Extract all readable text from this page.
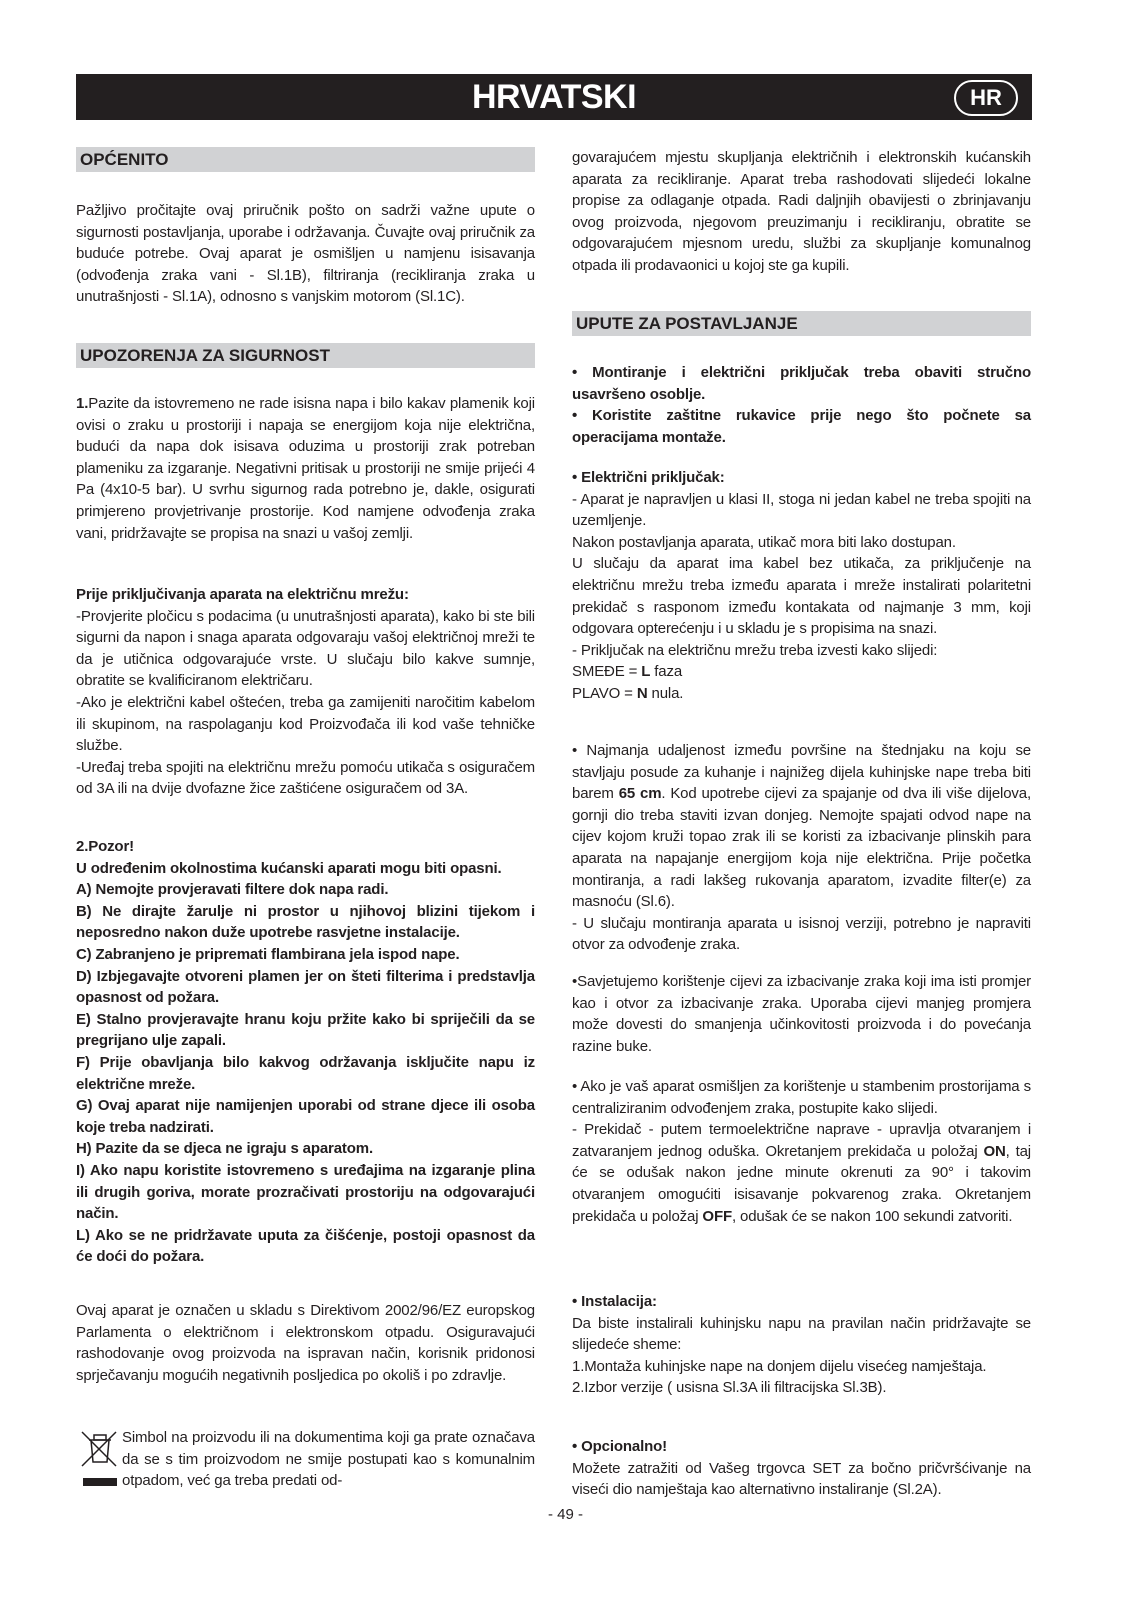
HRVATSKI	HR
OPĆENITO
Pažljivo pročitajte ovaj priručnik pošto on sadrži važne upute o sigurnosti postavljanja, uporabe i održavanja. Čuvajte ovaj priručnik za buduće potrebe. Ovaj aparat je osmišljen u namjenu isisavanja (odvođenja zraka vani - Sl.1B), filtriranja (recikliranja zraka u unutrašnjosti - Sl.1A), odnosno s vanjskim motorom (Sl.1C).
UPOZORENJA ZA SIGURNOST
1.Pazite da istovremeno ne rade isisna napa i bilo kakav plamenik koji ovisi o zraku u prostoriji i napaja se energijom koja nije električna, budući da napa dok isisava oduzima u prostoriji zrak potreban plameniku za izgaranje. Negativni pritisak u prostoriji ne smije prijeći 4 Pa (4x10-5 bar). U svrhu sigurnog rada potrebno je, dakle, osigurati primjereno provjetrivanje prostorije. Kod namjene odvođenja zraka vani, pridržavajte se propisa na snazi u vašoj zemlji.
Prije priključivanja aparata na električnu mrežu:
-Provjerite pločicu s podacima (u unutrašnjosti aparata), kako bi ste bili sigurni da napon i snaga aparata odgovaraju vašoj električnoj mreži te da je utičnica odgovarajuće vrste. U slučaju bilo kakve sumnje, obratite se kvalificiranom električaru.
-Ako je električni kabel oštećen, treba ga zamijeniti naročitim kabelom ili skupinom, na raspolaganju kod Proizvođača ili kod vaše tehničke službe.
-Uređaj treba spojiti na električnu mrežu pomoću utikača s osiguračem od 3A ili na dvije dvofazne žice zaštićene osiguračem od 3A.
2.Pozor!
U određenim okolnostima kućanski aparati mogu biti opasni.
A) Nemojte provjeravati filtere dok napa radi.
B) Ne dirajte žarulje ni prostor u njihovoj blizini tijekom i neposredno nakon duže upotrebe rasvjetne instalacije.
C) Zabranjeno je pripremati flambirana jela ispod nape.
D) Izbjegavajte otvoreni plamen jer on šteti filterima i predstavlja opasnost od požara.
E) Stalno provjeravajte hranu koju pržite kako bi spriječili da se pregrijano ulje zapali.
F) Prije obavljanja bilo kakvog održavanja isključite napu iz električne mreže.
G) Ovaj aparat nije namijenjen uporabi od strane djece ili osoba koje treba nadzirati.
H) Pazite da se djeca ne igraju s aparatom.
I) Ako napu koristite istovremeno s uređajima na izgaranje plina ili drugih goriva, morate prozračivati prostoriju na odgovarajući način.
L) Ako se ne pridržavate uputa za čišćenje, postoji opasnost da će doći do požara.
Ovaj aparat je označen u skladu s Direktivom 2002/96/EZ europskog Parlamenta o električnom i elektronskom otpadu. Osiguravajući rashodovanje ovog proizvoda na ispravan način, korisnik pridonosi sprječavanju mogućih negativnih posljedica po okoliš i po zdravlje.
Simbol na proizvodu ili na dokumentima koji ga prate označava da se s tim proizvodom ne smije postupati kao s komunalnim otpadom, već ga treba predati od-
govarajućem mjestu skupljanja električnih i elektronskih kućanskih aparata za recikliranje. Aparat treba rashodovati slijedeći lokalne propise za odlaganje otpada. Radi daljnjih obavijesti o zbrinjavanju ovog proizvoda, njegovom preuzimanju i recikliranju, obratite se odgovarajućem mjesnom uredu, službi za skupljanje komunalnog otpada ili prodavaonici u kojoj ste ga kupili.
UPUTE ZA POSTAVLJANJE
• Montiranje i električni priključak treba obaviti stručno usavršeno osoblje.
• Koristite zaštitne rukavice prije nego što počnete sa operacijama montaže.
• Električni priključak:
- Aparat je napravljen u klasi II, stoga ni jedan kabel ne treba spojiti na uzemljenje.
Nakon postavljanja aparata, utikač mora biti lako dostupan.
U slučaju da aparat ima kabel bez utikača, za priključenje na električnu mrežu treba između aparata i mreže instalirati polaritetni prekidač s rasponom između kontakata od najmanje 3 mm, koji odgovara opterećenju i u skladu je s propisima na snazi.
- Priključak na električnu mrežu treba izvesti kako slijedi:
SMEĐE = L faza
PLAVO = N nula.
• Najmanja udaljenost između površine na štednjaku na koju se stavljaju posude za kuhanje i najnižeg dijela kuhinjske nape treba biti barem 65 cm. Kod upotrebe cijevi za spajanje od dva ili više dijelova, gornji dio treba staviti izvan donjeg. Nemojte spajati odvod nape na cijev kojom kruži topao zrak ili se koristi za izbacivanje plinskih para aparata na napajanje energijom koja nije električna. Prije početka montiranja, a radi lakšeg rukovanja aparatom, izvadite filter(e) za masnoću (Sl.6).
- U slučaju montiranja aparata u isisnoj verziji, potrebno je napraviti otvor za odvođenje zraka.
•Savjetujemo korištenje cijevi za izbacivanje zraka koji ima isti promjer kao i otvor za izbacivanje zraka. Uporaba cijevi manjeg promjera može dovesti do smanjenja učinkovitosti proizvoda i do povećanja razine buke.
• Ako je vaš aparat osmišljen za korištenje u stambenim prostorijama s centraliziranim odvođenjem zraka, postupite kako slijedi.
- Prekidač - putem termoelektrične naprave - upravlja otvaranjem i zatvaranjem jednog oduška. Okretanjem prekidača u položaj ON, taj će se odušak nakon jedne minute okrenuti za 90° i takovim otvaranjem omogućiti isisavanje pokvarenog zraka. Okretanjem prekidača u položaj OFF, odušak će se nakon 100 sekundi zatvoriti.
• Instalacija:
Da biste instalirali kuhinjsku napu na pravilan način pridržavajte se slijedeće sheme:
1.Montaža kuhinjske nape na donjem dijelu visećeg namještaja.
2.Izbor verzije ( usisna Sl.3A ili filtracijska Sl.3B).
• Opcionalno!
Možete zatražiti od Vašeg trgovca SET za bočno pričvršćivanje na viseći dio namještaja kao alternativno instaliranje (Sl.2A).
- 49 -
